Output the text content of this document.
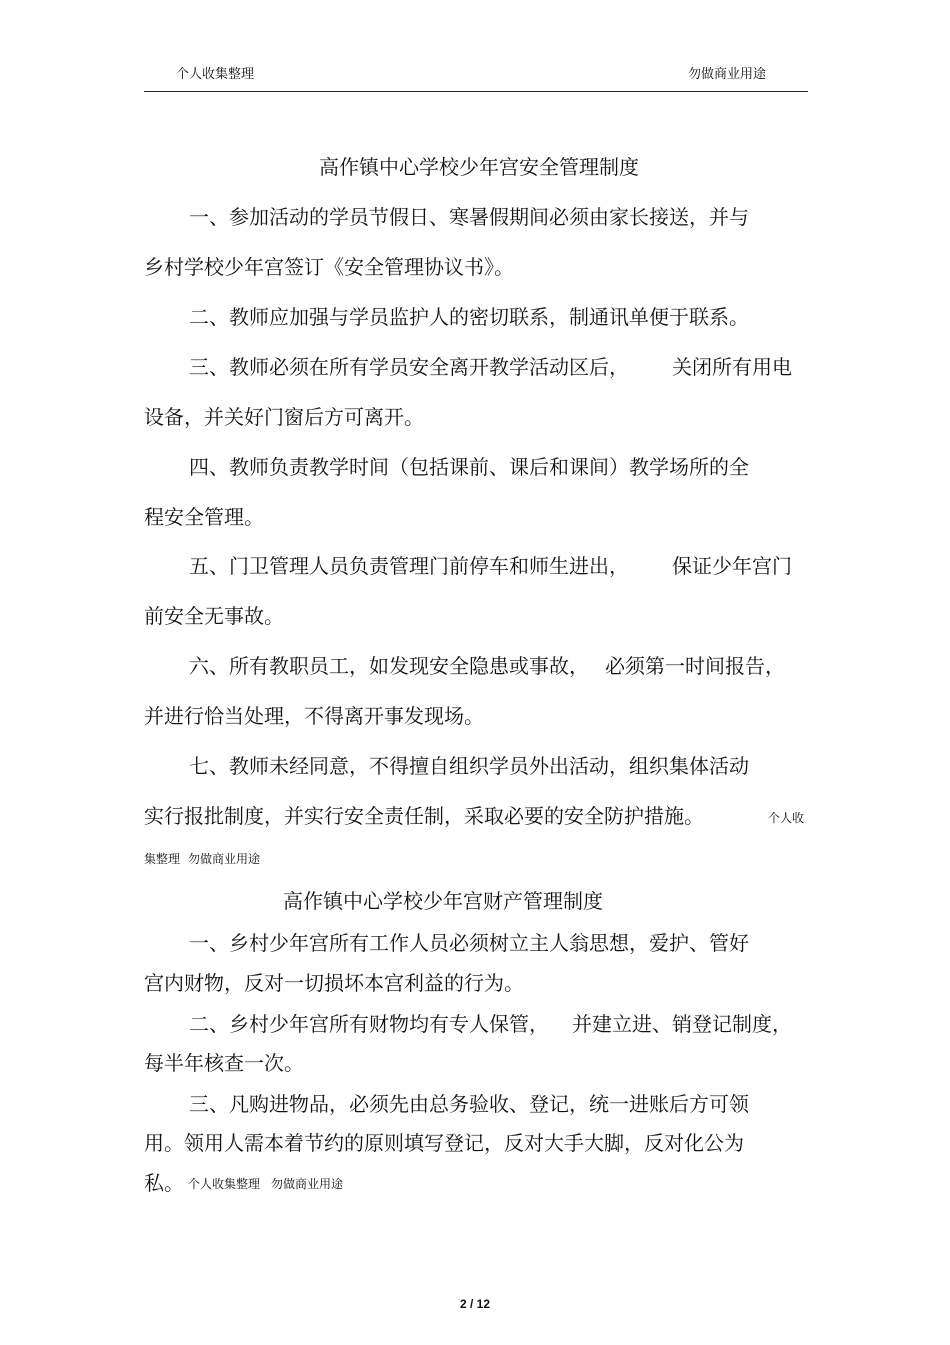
个人收集整理	勿做商业用途
高作镇中心学校少年宫安全管理制度
一、参加活动的学员节假日、寒暑假期间必须由家长接送，并与
乡村学校少年宫签订《安全管理协议书》。
二、教师应加强与学员监护人的密切联系，制通讯单便于联系。
三、教师必须在所有学员安全离开教学活动区后， 关闭所有用电
设备，并关好门窗后方可离开。
四、教师负责教学时间（包括课前、课后和课间）教学场所的全
程安全管理。
五、门卫管理人员负责管理门前停车和师生进出， 保证少年宫门
前安全无事故。
六、所有教职员工，如发现安全隐患或事故， 必须第一时间报告，
并进行恰当处理，不得离开事发现场。
七、教师未经同意，不得擅自组织学员外出活动，组织集体活动
实行报批制度，并实行安全责任制，采取必要的安全防护措施。	个人收
集整理 勿做商业用途
高作镇中心学校少年宫财产管理制度
一、乡村少年宫所有工作人员必须树立主人翁思想，爱护、管好
宫内财物，反对一切损坏本宫利益的行为。
二、乡村少年宫所有财物均有专人保管， 并建立进、销登记制度，
每半年核查一次。
三、凡购进物品，必须先由总务验收、登记，统一进账后方可领
用。领用人需本着节约的原则填写登记，反对大手大脚，反对化公为
私。 个人收集整理 勿做商业用途
2 / 12
